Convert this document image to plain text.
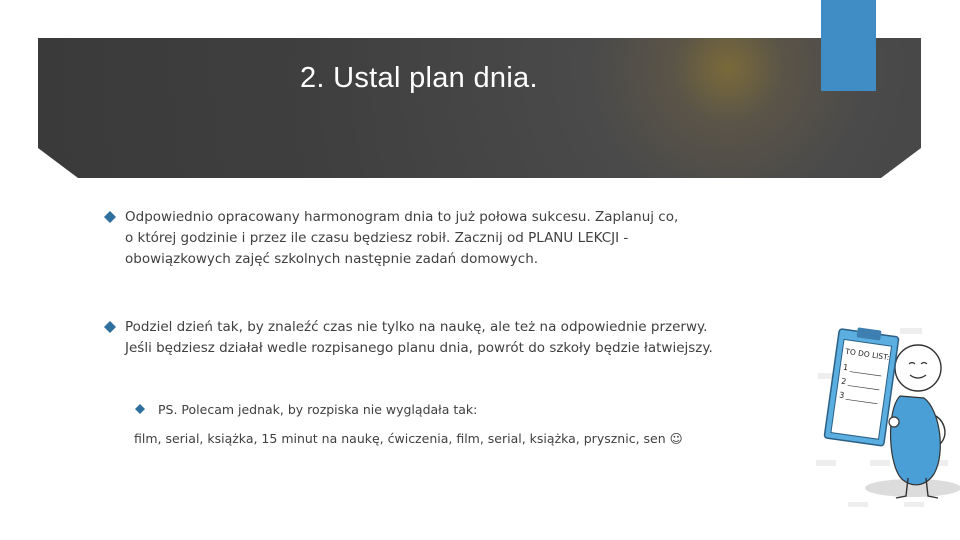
2. Ustal plan dnia.
Odpowiednio opracowany harmonogram dnia to już połowa sukcesu. Zaplanuj co,
o której godzinie i przez ile czasu będziesz robił. Zacznij od PLANU LEKCJI -
obowiązkowych zajęć szkolnych następnie zadań domowych.
Podziel dzień tak, by znaleźć czas nie tylko na naukę, ale też na odpowiednie przerwy.
Jeśli będziesz działał wedle rozpisanego planu dnia, powrót do szkoły będzie łatwiejszy.
PS. Polecam jednak, by rozpiska nie wyglądała tak:
film, serial, książka, 15 minut na naukę, ćwiczenia, film, serial, książka, prysznic, sen ☺
TO DO LIST:
1
2
3
